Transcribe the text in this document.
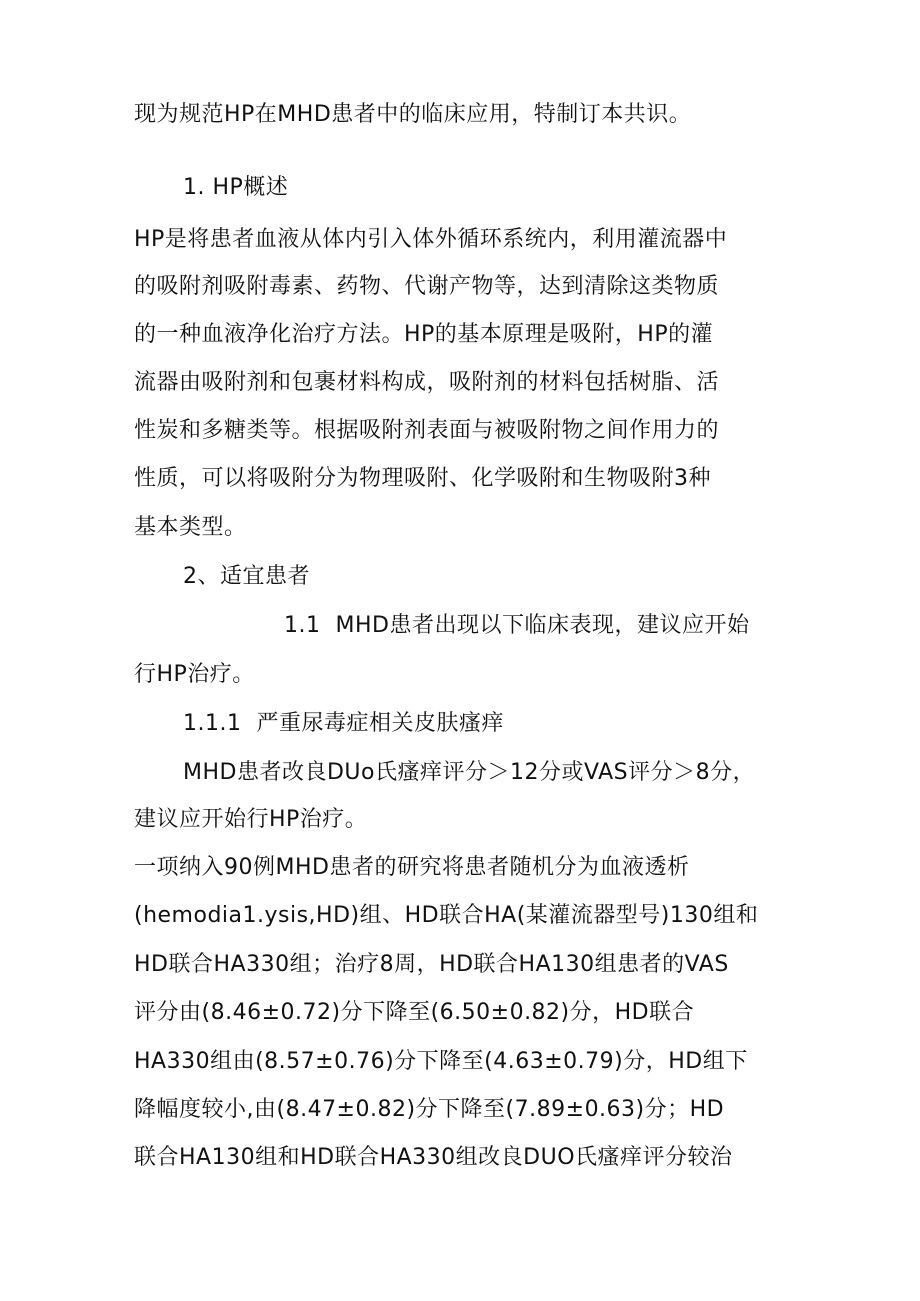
现为规范HP在MHD患者中的临床应用，特制订本共识。
1. HP概述
HP是将患者血液从体内引入体外循环系统内，利用灌流器中
的吸附剂吸附毒素、药物、代谢产物等，达到清除这类物质
的一种血液净化治疗方法。HP的基本原理是吸附，HP的灌
流器由吸附剂和包裹材料构成，吸附剂的材料包括树脂、活
性炭和多糖类等。根据吸附剂表面与被吸附物之间作用力的
性质，可以将吸附分为物理吸附、化学吸附和生物吸附3种
基本类型。
2、适宜患者
1.1  MHD患者出现以下临床表现，建议应开始
行HP治疗。
1.1.1  严重尿毒症相关皮肤瘙痒
MHD患者改良DUo氏瘙痒评分＞12分或VAS评分＞8分，
建议应开始行HP治疗。
一项纳入90例MHD患者的研究将患者随机分为血液透析
(hemodia1.ysis,HD)组、HD联合HA(某灌流器型号)130组和
HD联合HA330组；治疗8周，HD联合HA130组患者的VAS
评分由(8.46±0.72)分下降至(6.50±0.82)分，HD联合
HA330组由(8.57±0.76)分下降至(4.63±0.79)分，HD组下
降幅度较小,由(8.47±0.82)分下降至(7.89±0.63)分；HD
联合HA130组和HD联合HA330组改良DUO氏瘙痒评分较治
